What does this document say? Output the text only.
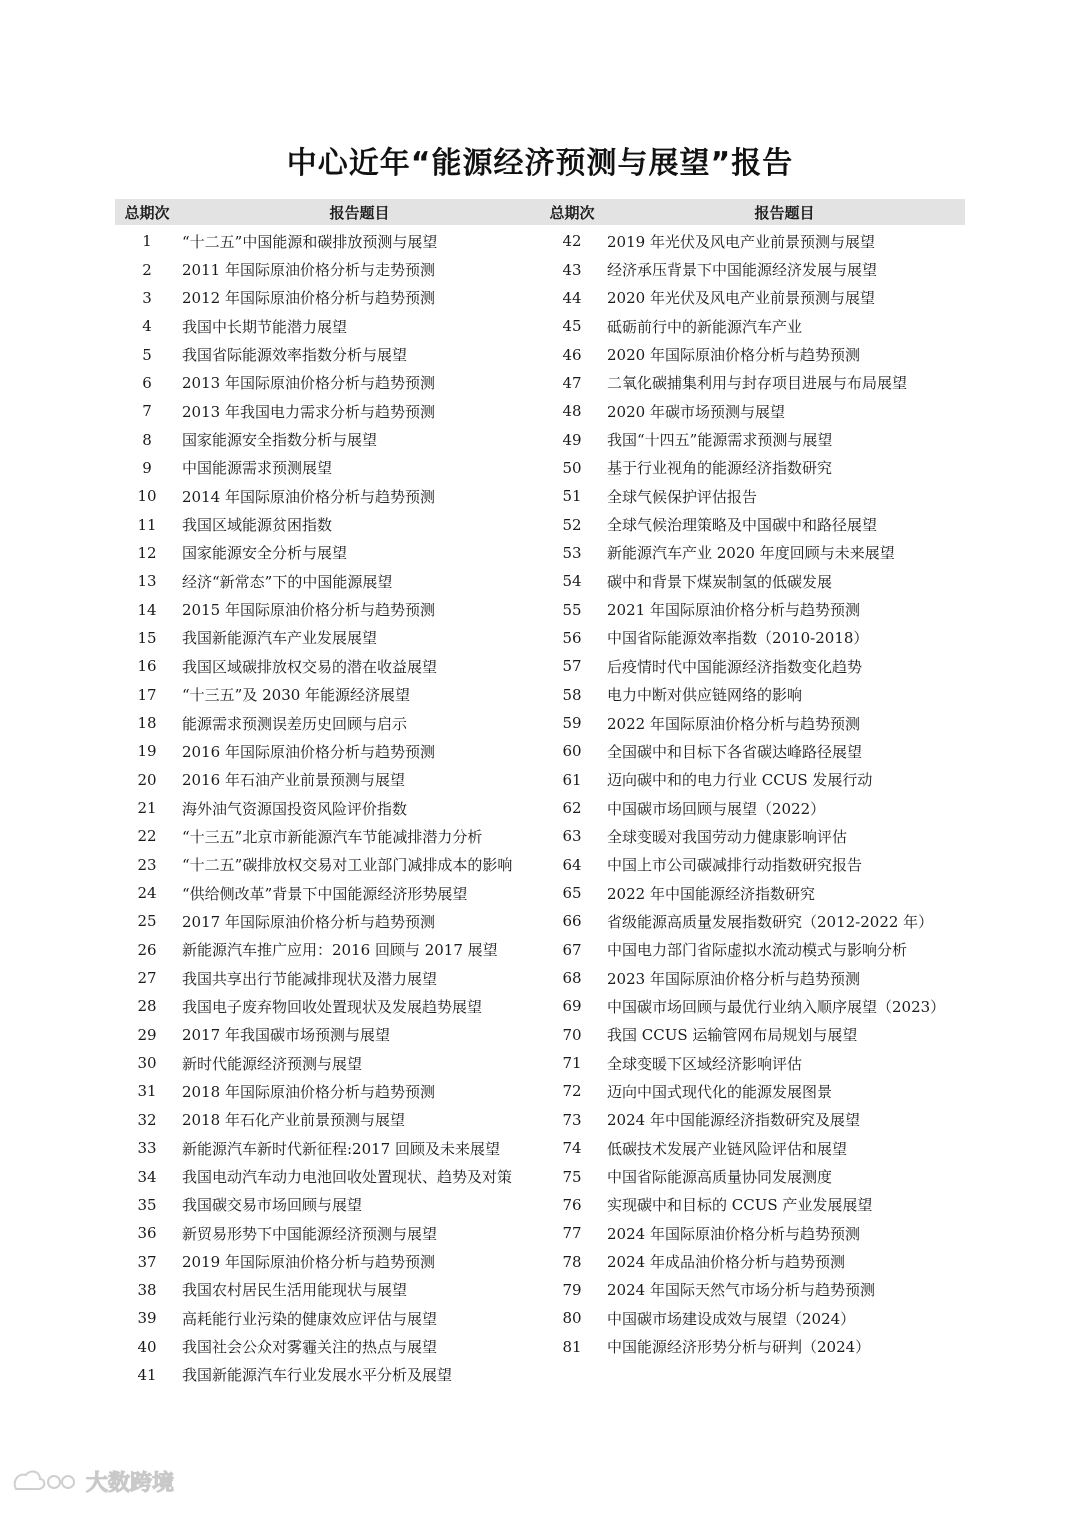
中心近年“能源经济预测与展望”报告
总期次	报告题目	总期次	报告题目
1	“十二五”中国能源和碳排放预测与展望
2	2011 年国际原油价格分析与走势预测
3	2012 年国际原油价格分析与趋势预测
4	我国中长期节能潜力展望
5	我国省际能源效率指数分析与展望
6	2013 年国际原油价格分析与趋势预测
7	2013 年我国电力需求分析与趋势预测
8	国家能源安全指数分析与展望
9	中国能源需求预测展望
10	2014 年国际原油价格分析与趋势预测
11	我国区域能源贫困指数
12	国家能源安全分析与展望
13	经济“新常态”下的中国能源展望
14	2015 年国际原油价格分析与趋势预测
15	我国新能源汽车产业发展展望
16	我国区域碳排放权交易的潜在收益展望
17	“十三五”及 2030 年能源经济展望
18	能源需求预测误差历史回顾与启示
19	2016 年国际原油价格分析与趋势预测
20	2016 年石油产业前景预测与展望
21	海外油气资源国投资风险评价指数
22	“十三五”北京市新能源汽车节能减排潜力分析
23	“十二五”碳排放权交易对工业部门减排成本的影响
24	“供给侧改革”背景下中国能源经济形势展望
25	2017 年国际原油价格分析与趋势预测
26	新能源汽车推广应用：2016 回顾与 2017 展望
27	我国共享出行节能减排现状及潜力展望
28	我国电子废弃物回收处置现状及发展趋势展望
29	2017 年我国碳市场预测与展望
30	新时代能源经济预测与展望
31	2018 年国际原油价格分析与趋势预测
32	2018 年石化产业前景预测与展望
33	新能源汽车新时代新征程:2017 回顾及未来展望
34	我国电动汽车动力电池回收处置现状、趋势及对策
35	我国碳交易市场回顾与展望
36	新贸易形势下中国能源经济预测与展望
37	2019 年国际原油价格分析与趋势预测
38	我国农村居民生活用能现状与展望
39	高耗能行业污染的健康效应评估与展望
40	我国社会公众对雾霾关注的热点与展望
41	我国新能源汽车行业发展水平分析及展望
42	2019 年光伏及风电产业前景预测与展望
43	经济承压背景下中国能源经济发展与展望
44	2020 年光伏及风电产业前景预测与展望
45	砥砺前行中的新能源汽车产业
46	2020 年国际原油价格分析与趋势预测
47	二氧化碳捕集利用与封存项目进展与布局展望
48	2020 年碳市场预测与展望
49	我国“十四五”能源需求预测与展望
50	基于行业视角的能源经济指数研究
51	全球气候保护评估报告
52	全球气候治理策略及中国碳中和路径展望
53	新能源汽车产业 2020 年度回顾与未来展望
54	碳中和背景下煤炭制氢的低碳发展
55	2021 年国际原油价格分析与趋势预测
56	中国省际能源效率指数（2010-2018）
57	后疫情时代中国能源经济指数变化趋势
58	电力中断对供应链网络的影响
59	2022 年国际原油价格分析与趋势预测
60	全国碳中和目标下各省碳达峰路径展望
61	迈向碳中和的电力行业 CCUS 发展行动
62	中国碳市场回顾与展望（2022）
63	全球变暖对我国劳动力健康影响评估
64	中国上市公司碳减排行动指数研究报告
65	2022 年中国能源经济指数研究
66	省级能源高质量发展指数研究（2012-2022 年）
67	中国电力部门省际虚拟水流动模式与影响分析
68	2023 年国际原油价格分析与趋势预测
69	中国碳市场回顾与最优行业纳入顺序展望（2023）
70	我国 CCUS 运输管网布局规划与展望
71	全球变暖下区域经济影响评估
72	迈向中国式现代化的能源发展图景
73	2024 年中国能源经济指数研究及展望
74	低碳技术发展产业链风险评估和展望
75	中国省际能源高质量协同发展测度
76	实现碳中和目标的 CCUS 产业发展展望
77	2024 年国际原油价格分析与趋势预测
78	2024 年成品油价格分析与趋势预测
79	2024 年国际天然气市场分析与趋势预测
80	中国碳市场建设成效与展望（2024）
81	中国能源经济形势分析与研判（2024）
大数跨境
